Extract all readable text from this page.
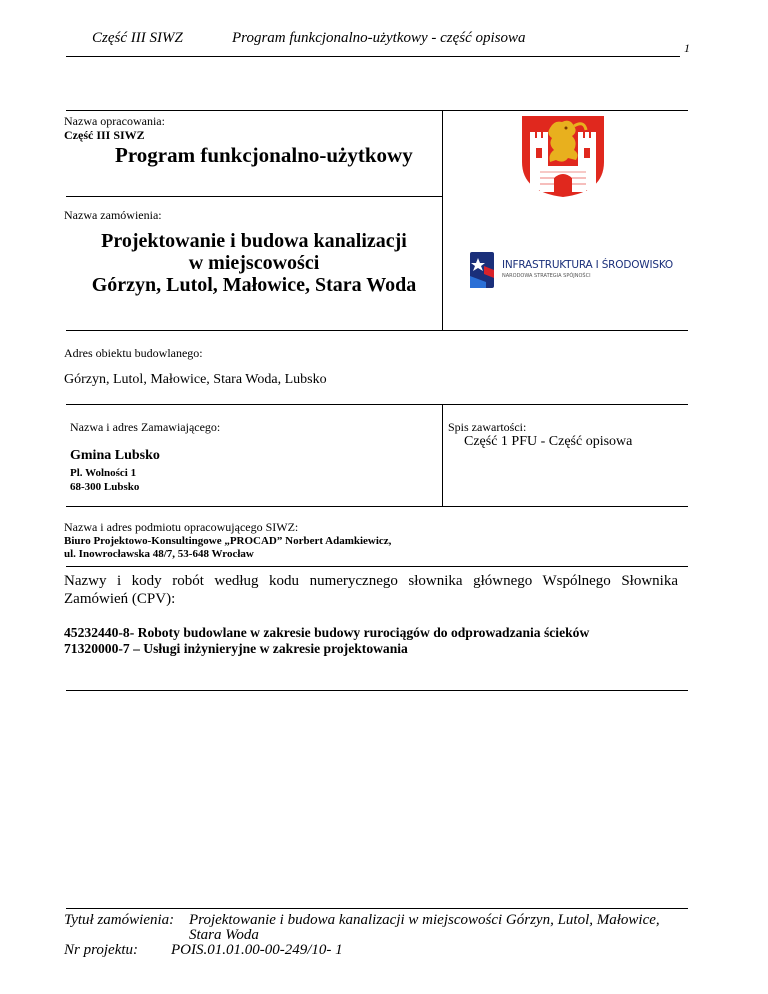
Część III SIWZ	Program funkcjonalno-użytkowy - część opisowa
1
Nazwa opracowania:
Część III SIWZ
Program funkcjonalno-użytkowy
Nazwa zamówienia:
Projektowanie i budowa kanalizacji
w miejscowości
Górzyn, Lutol, Małowice, Stara Woda
INFRASTRUKTURA I ŚRODOWISKO
NARODOWA STRATEGIA SPÓJNOŚCI
Adres obiektu budowlanego:
Górzyn, Lutol, Małowice, Stara Woda, Lubsko
Nazwa i adres Zamawiającego:
Gmina Lubsko
Pl. Wolności 1
68-300 Lubsko
Spis zawartości:
Część 1 PFU - Część opisowa
Nazwa i adres podmiotu opracowującego SIWZ:
Biuro Projektowo-Konsultingowe „PROCAD” Norbert Adamkiewicz,
ul. Inowrocławska 48/7, 53-648 Wrocław
Nazwy i kody robót według kodu numerycznego słownika głównego Wspólnego Słownika Zamówień (CPV):
45232440-8- Roboty budowlane w zakresie budowy rurociągów do odprowadzania ścieków
71320000-7 – Usługi inżynieryjne w zakresie projektowania
Tytuł zamówienia: Projektowanie i budowa kanalizacji w miejscowości Górzyn, Lutol, Małowice,
Stara Woda
Nr projektu: POIS.01.01.00-00-249/10- 1
